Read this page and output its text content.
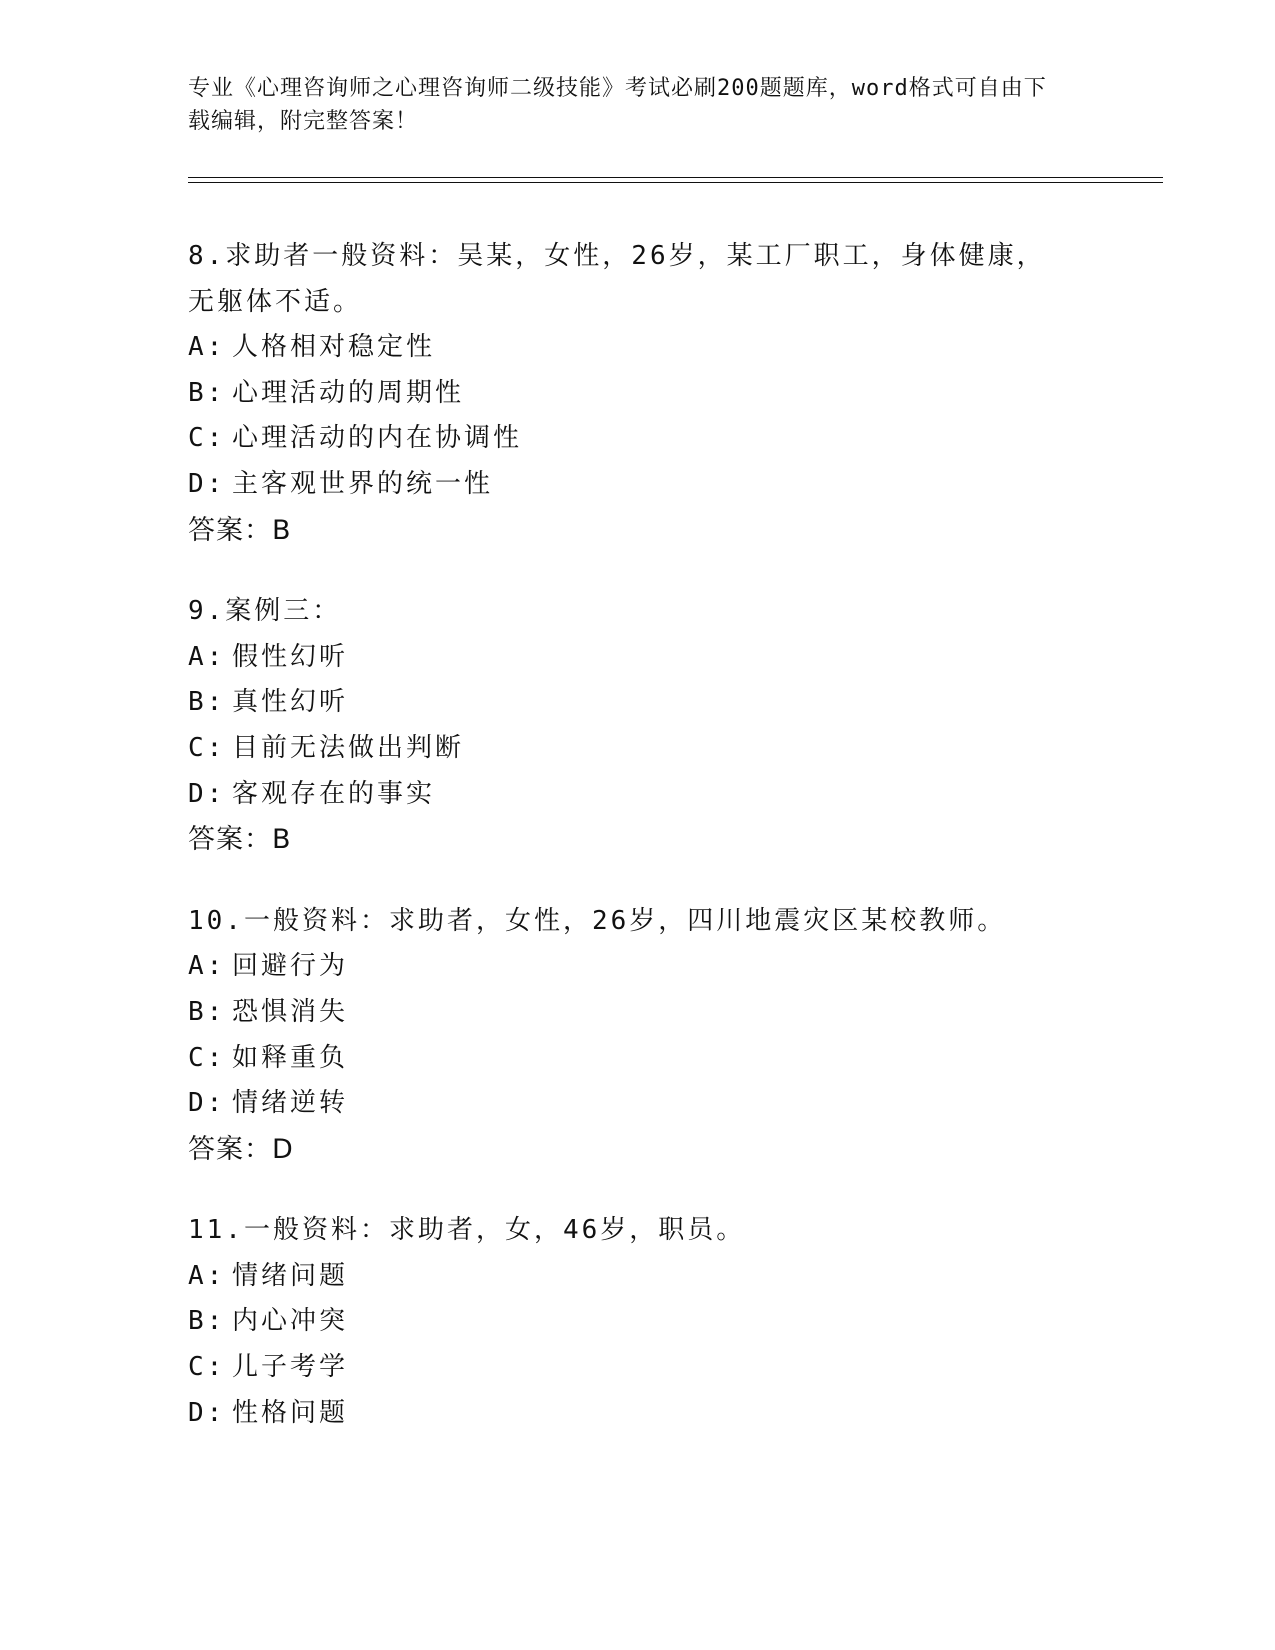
专业《心理咨询师之心理咨询师二级技能》考试必刷200题题库，word格式可自由下载编辑，附完整答案！
8.求助者一般资料：吴某，女性，26岁，某工厂职工，身体健康，无躯体不适。
A: 人格相对稳定性
B: 心理活动的周期性
C: 心理活动的内在协调性
D: 主客观世界的统一性
答案：B
9.案例三：
A: 假性幻听
B: 真性幻听
C: 目前无法做出判断
D: 客观存在的事实
答案：B
10.一般资料：求助者，女性，26岁，四川地震灾区某校教师。
A: 回避行为
B: 恐惧消失
C: 如释重负
D: 情绪逆转
答案：D
11.一般资料：求助者，女，46岁，职员。
A: 情绪问题
B: 内心冲突
C: 儿子考学
D: 性格问题
